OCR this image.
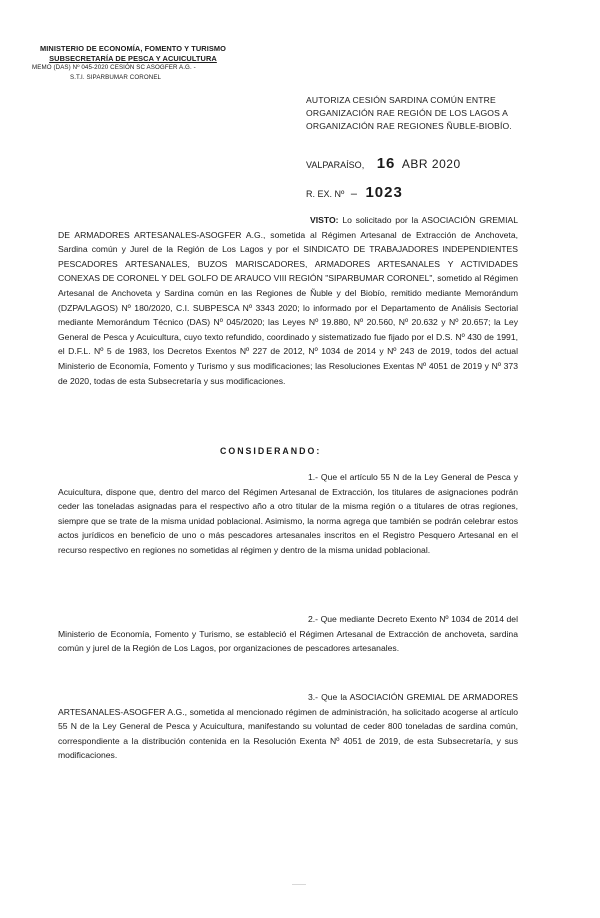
MINISTERIO DE ECONOMÍA, FOMENTO Y TURISMO
SUBSECRETARÍA DE PESCA Y ACUICULTURA
MEMO (DAS) Nº 045-2020 CESIÓN SC ASOGFER A.G. -
S.T.I. SIPARBUMAR CORONEL
AUTORIZA CESIÓN SARDINA COMÚN ENTRE ORGANIZACIÓN RAE REGIÓN DE LOS LAGOS A ORGANIZACIÓN RAE REGIONES ÑUBLE-BIOBÍO.
VALPARAÍSO, 16 ABR 2020
R. EX. Nº – 1023
VISTO: Lo solicitado por la ASOCIACIÓN GREMIAL DE ARMADORES ARTESANALES-ASOGFER A.G., sometida al Régimen Artesanal de Extracción de Anchoveta, Sardina común y Jurel de la Región de Los Lagos y por el SINDICATO DE TRABAJADORES INDEPENDIENTES PESCADORES ARTESANALES, BUZOS MARISCADORES, ARMADORES ARTESANALES Y ACTIVIDADES CONEXAS DE CORONEL Y DEL GOLFO DE ARAUCO VIII REGIÓN "SIPARBUMAR CORONEL", sometido al Régimen Artesanal de Anchoveta y Sardina común en las Regiones de Ñuble y del Biobío, remitido mediante Memorándum (DZPA/LAGOS) Nº 180/2020, C.I. SUBPESCA Nº 3343 2020; lo informado por el Departamento de Análisis Sectorial mediante Memorándum Técnico (DAS) Nº 045/2020; las Leyes Nº 19.880, Nº 20.560, Nº 20.632 y Nº 20.657; la Ley General de Pesca y Acuicultura, cuyo texto refundido, coordinado y sistematizado fue fijado por el D.S. Nº 430 de 1991, el D.F.L. Nº 5 de 1983, los Decretos Exentos Nº 227 de 2012, Nº 1034 de 2014 y Nº 243 de 2019, todos del actual Ministerio de Economía, Fomento y Turismo y sus modificaciones; las Resoluciones Exentas Nº 4051 de 2019 y Nº 373 de 2020, todas de esta Subsecretaría y sus modificaciones.
CONSIDERANDO:
1.- Que el artículo 55 N de la Ley General de Pesca y Acuicultura, dispone que, dentro del marco del Régimen Artesanal de Extracción, los titulares de asignaciones podrán ceder las toneladas asignadas para el respectivo año a otro titular de la misma región o a titulares de otras regiones, siempre que se trate de la misma unidad poblacional. Asimismo, la norma agrega que también se podrán celebrar estos actos jurídicos en beneficio de uno o más pescadores artesanales inscritos en el Registro Pesquero Artesanal en el recurso respectivo en regiones no sometidas al régimen y dentro de la misma unidad poblacional.
2.- Que mediante Decreto Exento Nº 1034 de 2014 del Ministerio de Economía, Fomento y Turismo, se estableció el Régimen Artesanal de Extracción de anchoveta, sardina común y jurel de la Región de Los Lagos, por organizaciones de pescadores artesanales.
3.- Que la ASOCIACIÓN GREMIAL DE ARMADORES ARTESANALES-ASOGFER A.G., sometida al mencionado régimen de administración, ha solicitado acogerse al artículo 55 N de la Ley General de Pesca y Acuicultura, manifestando su voluntad de ceder 800 toneladas de sardina común, correspondiente a la distribución contenida en la Resolución Exenta Nº 4051 de 2019, de esta Subsecretaría, y sus modificaciones.
